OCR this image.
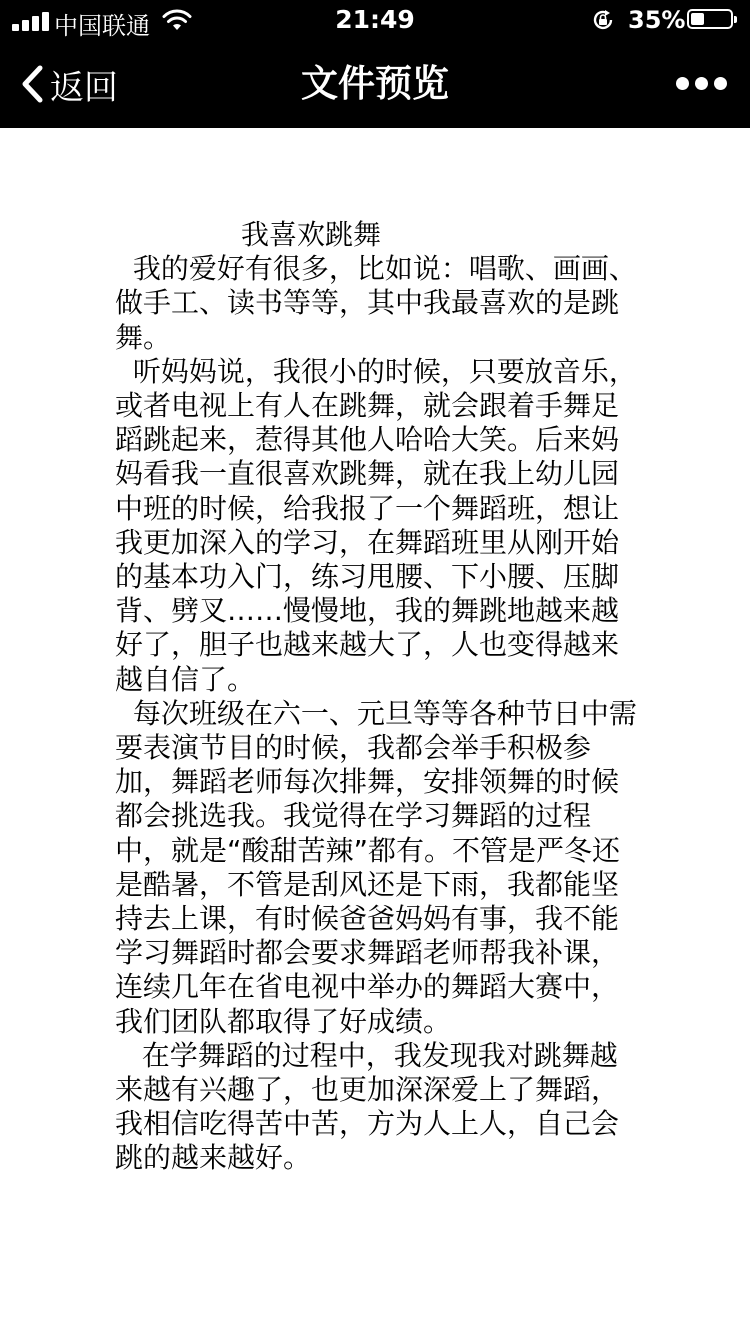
中国联通	21:49	35%
返回	文件预览
我喜欢跳舞

我的爱好有很多，比如说：唱歌、画画、做手工、读书等等，其中我最喜欢的是跳舞。

听妈妈说，我很小的时候，只要放音乐，或者电视上有人在跳舞，就会跟着手舞足蹈跳起来，惹得其他人哈哈大笑。后来妈妈看我一直很喜欢跳舞，就在我上幼儿园中班的时候，给我报了一个舞蹈班，想让我更加深入的学习，在舞蹈班里从刚开始的基本功入门，练习甩腰、下小腰、压脚背、劈叉……慢慢地，我的舞跳地越来越好了，胆子也越来越大了，人也变得越来越自信了。

每次班级在六一、元旦等等各种节日中需要表演节目的时候，我都会举手积极参加，舞蹈老师每次排舞，安排领舞的时候都会挑选我。我觉得在学习舞蹈的过程中，就是“酸甜苦辣”都有。不管是严冬还是酷暑，不管是刮风还是下雨，我都能坚持去上课，有时候爸爸妈妈有事，我不能学习舞蹈时都会要求舞蹈老师帮我补课，连续几年在省电视中举办的舞蹈大赛中，我们团队都取得了好成绩。

在学舞蹈的过程中，我发现我对跳舞越来越有兴趣了，也更加深深爱上了舞蹈，我相信吃得苦中苦，方为人上人，自己会跳的越来越好。
